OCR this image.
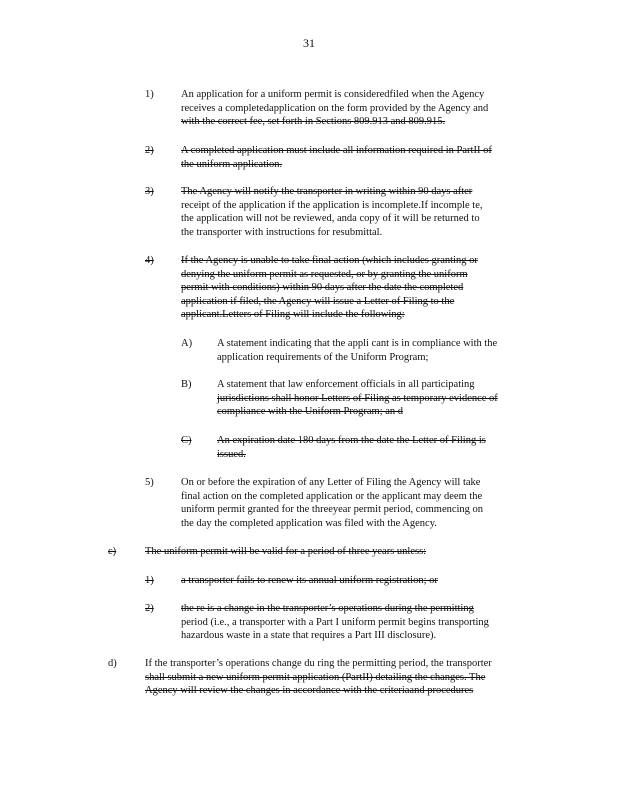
31
1)	An application for a uniform permit is consideredfiled when the Agency
receives a completedapplication on the form provided by the Agency and
with the correct fee, set forth in Sections 809.913 and 809.915.
2)	A completed application must include all information required in PartII of
the uniform application.
3)	The Agency will notify the transporter in writing within 90 days after
receipt of the application if the application is incomplete.If incomple te,
the application will not be reviewed, anda copy of it will be returned to
the transporter with instructions for resubmittal.
4)	If the Agency is unable to take final action (which includes granting or
denying the uniform permit as requested, or by granting the uniform
permit with conditions) within 90 days after the date the completed
application if filed, the Agency will issue a Letter of Filing to the
applicant.Letters of Filing will include the following:
A) A statement indicating that the appli cant is in compliance with the
application requirements of the Uniform Program;
B) A statement that law enforcement officials in all participating
jurisdictions shall honor Letters of Filing as temporary evidence of
compliance with the Uniform Program; an d
C) An expiration date 180 days from the date the Letter of Filing is
issued.
5)	On or before the expiration of any Letter of Filing the Agency will take
final action on the completed application or the applicant may deem the
uniform permit granted for the threeyear permit period, commencing on
the day the completed application was filed with the Agency.
c)	The uniform permit will be valid for a period of three years unless:
1)	a transporter fails to renew its annual uniform registration; or
2)	the re is a change in the transporter’s operations during the permitting
period (i.e., a transporter with a Part I uniform permit begins transporting
hazardous waste in a state that requires a Part III disclosure).
d)	If the transporter’s operations change du ring the permitting period, the transporter
shall submit a new uniform permit application (PartII) detailing the changes. The
Agency will review the changes in accordance with the criteriaand procedures
